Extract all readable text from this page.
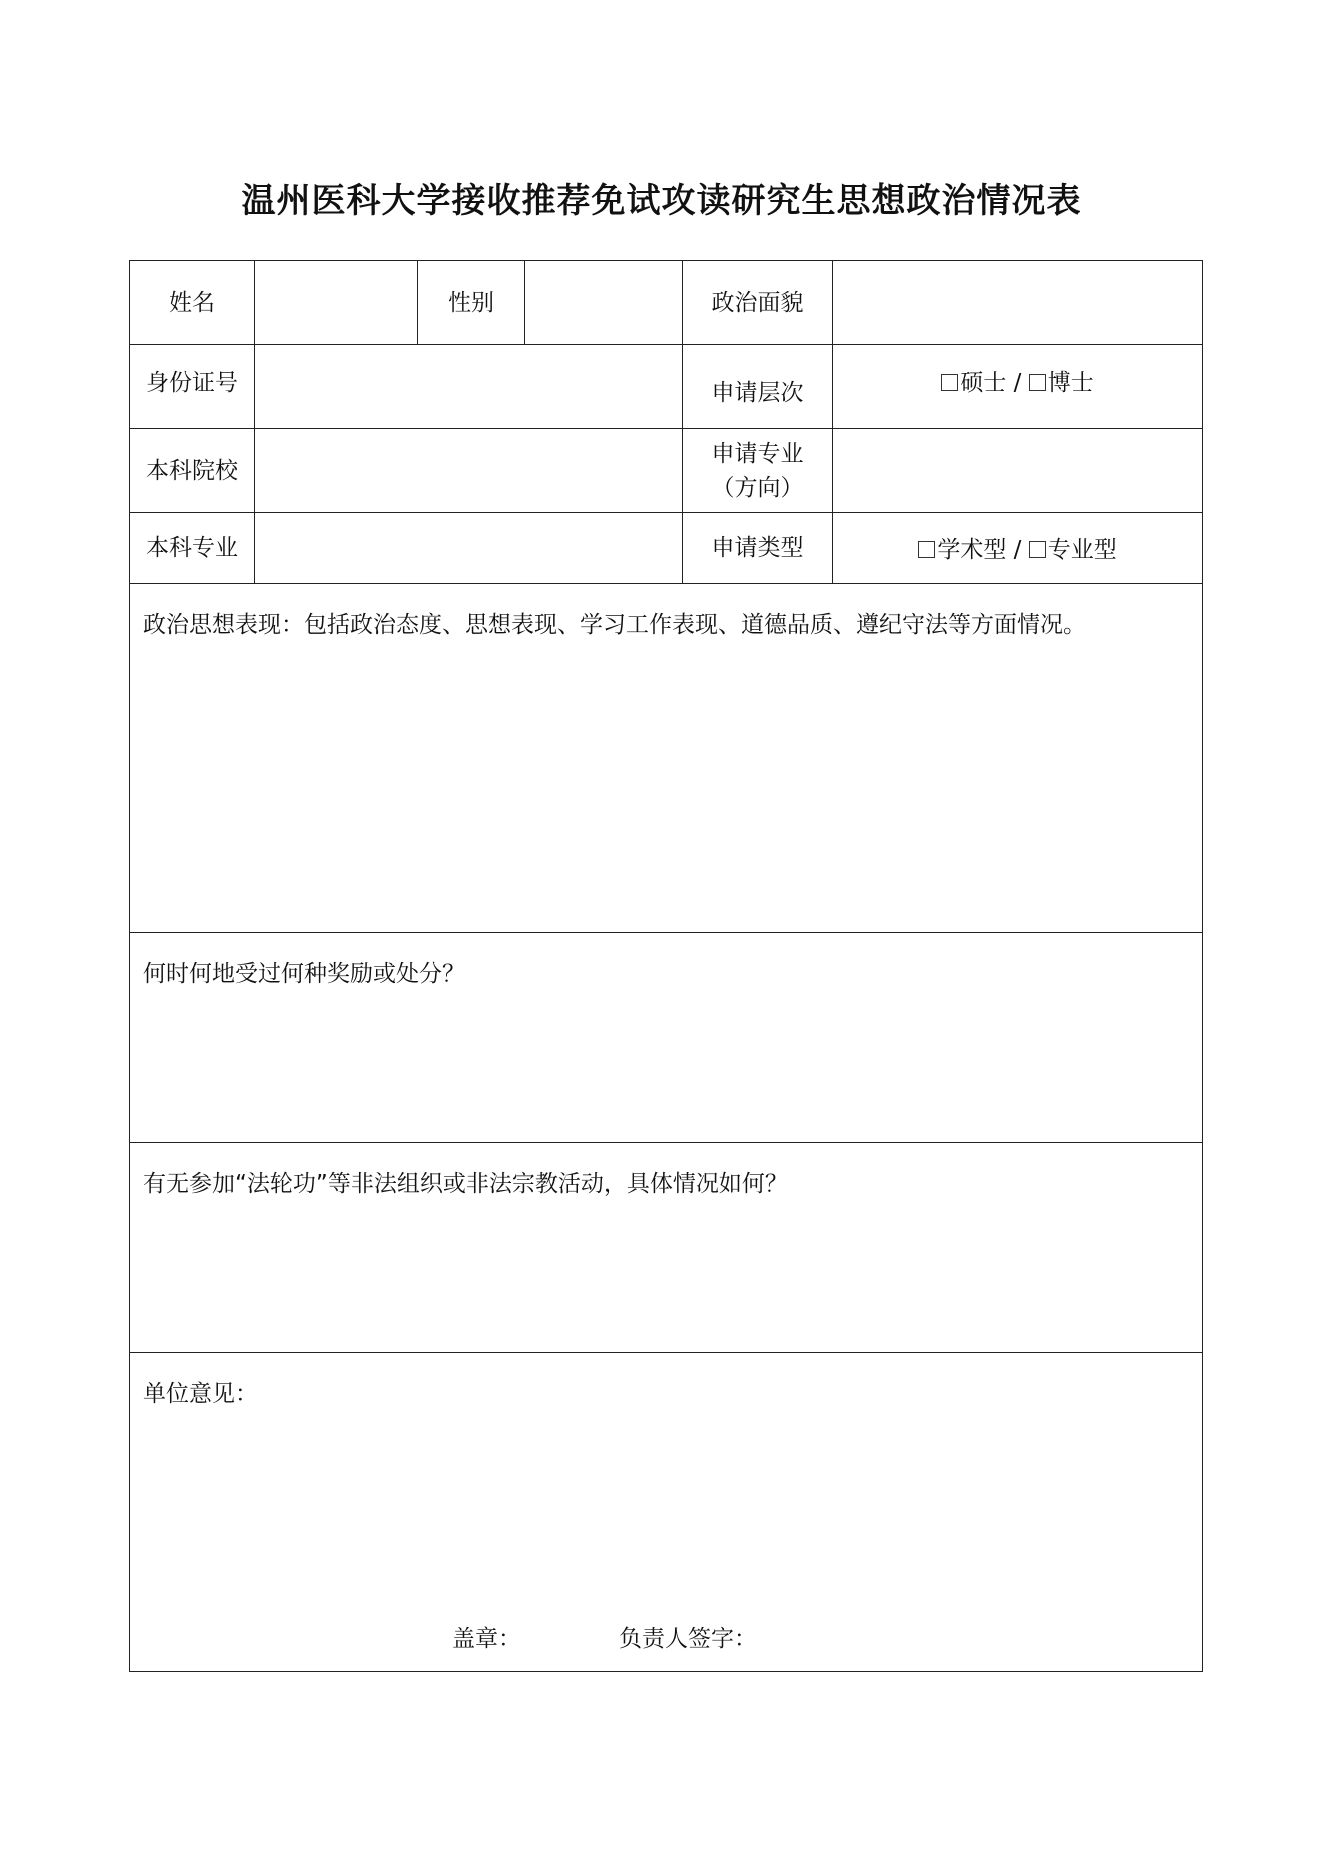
温州医科大学接收推荐免试攻读研究生思想政治情况表
姓名		性别		政治面貌	
身份证号				申请层次	硕士 / 博士
本科院校				申请专业
（方向）	

本科专业				申请类型	学术型 / 专业型

政治思想表现：包括政治态度、思想表现、学习工作表现、道德品质、遵纪守法等方面情况。					

何时何地受过何种奖励或处分？					

有无参加“法轮功”等非法组织或非法宗教活动，具体情况如何？					

单位意见：
盖章： 负责人签字：					
